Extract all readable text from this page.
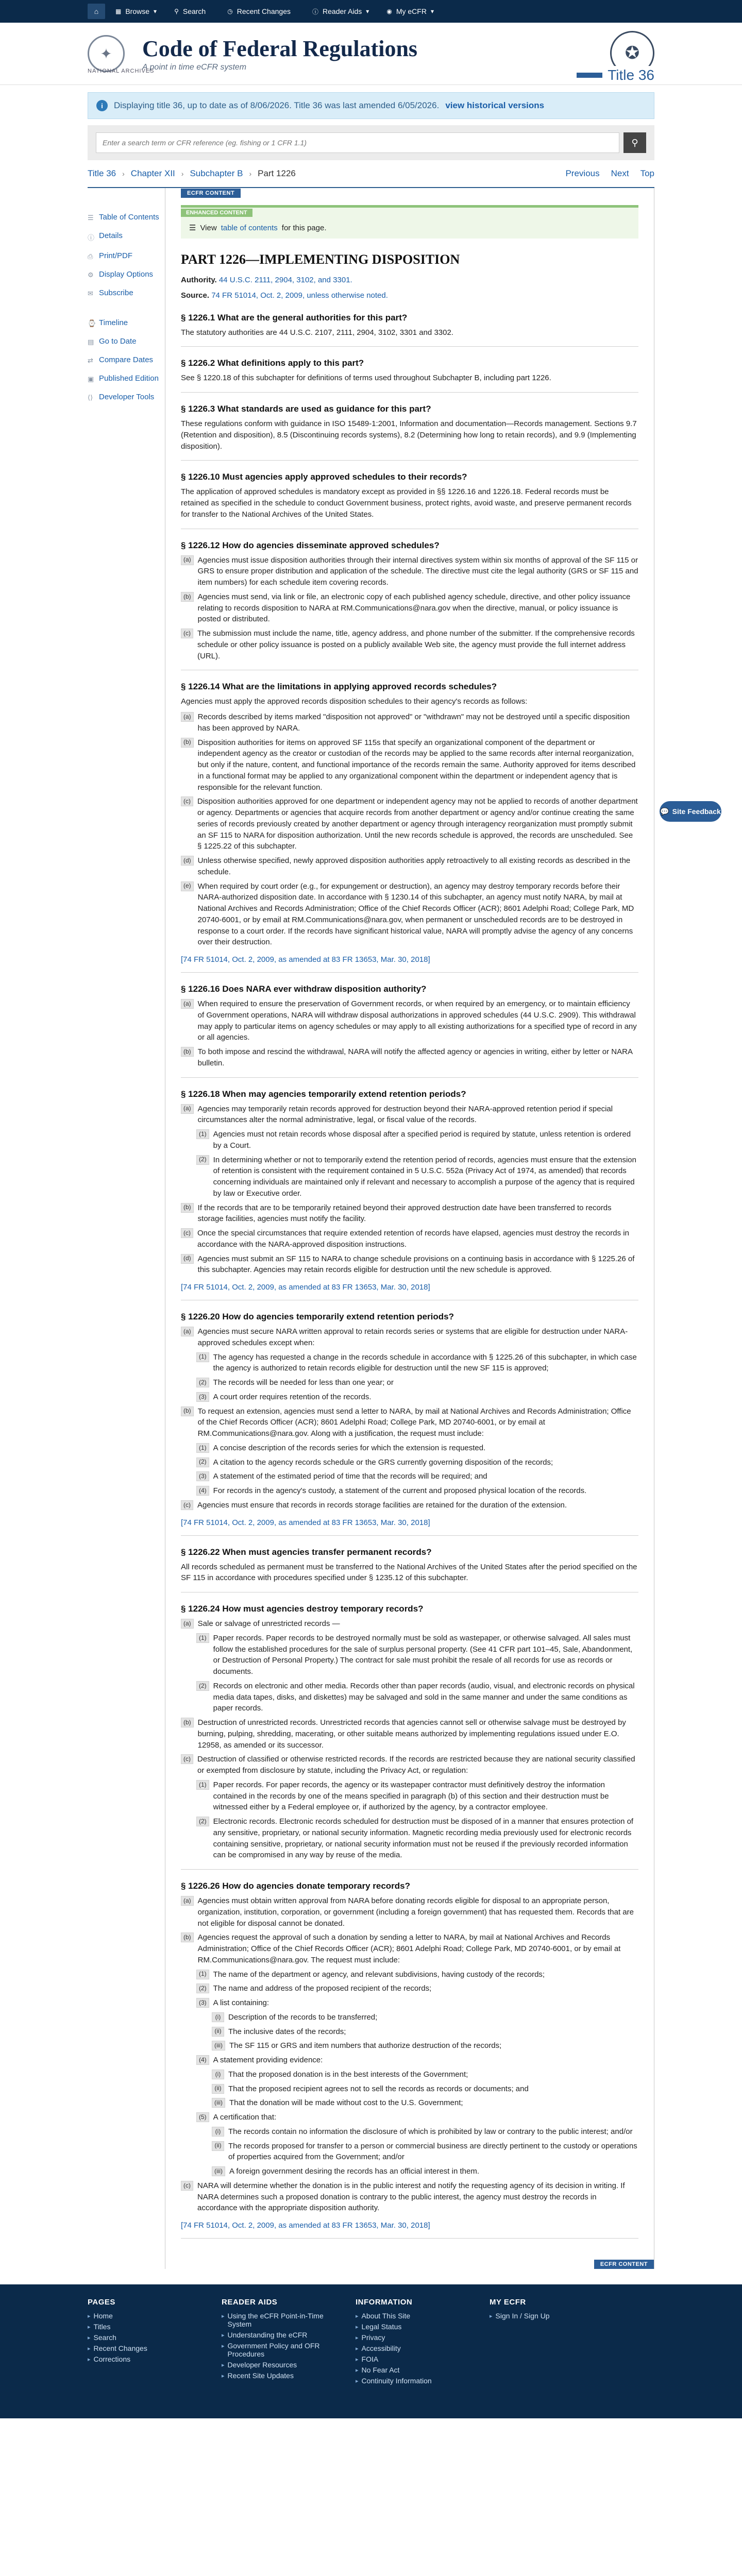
⌂	▦ Browse ▾	⚲ Search	◷ Recent Changes	ⓘ Reader Aids ▾	◉ My eCFR ▾
✦
NATIONAL ARCHIVES
Code of Federal Regulations
A point in time eCFR system
✪
Title 36
i	Displaying title 36, up to date as of 8/06/2026. Title 36 was last amended 6/05/2026. view historical versions
Enter a search term or CFR reference (eg. fishing or 1 CFR 1.1)
⚲
Title 36 › Chapter XII › Subchapter B › Part 1226	Previous Next Top
☰ Table of Contents
ⓘ Details
⎙ Print/PDF
⚙ Display Options
✉ Subscribe
⌚ Timeline
▤ Go to Date
⇄ Compare Dates
▣ Published Edition
⟨⟩ Developer Tools
ECFR CONTENT
ENHANCED CONTENT
☰ View table of contents for this page.
PART 1226—IMPLEMENTING DISPOSITION
Authority. 44 U.S.C. 2111, 2904, 3102, and 3301.
Source. 74 FR 51014, Oct. 2, 2009, unless otherwise noted.
§ 1226.1 What are the general authorities for this part?
The statutory authorities are 44 U.S.C. 2107, 2111, 2904, 3102, 3301 and 3302.
§ 1226.2 What definitions apply to this part?
See § 1220.18 of this subchapter for definitions of terms used throughout Subchapter B, including part 1226.
§ 1226.3 What standards are used as guidance for this part?
These regulations conform with guidance in ISO 15489-1:2001, Information and documentation—Records management. Sections 9.7 (Retention and disposition), 8.5 (Discontinuing records systems), 8.2 (Determining how long to retain records), and 9.9 (Implementing disposition).
§ 1226.10 Must agencies apply approved schedules to their records?
The application of approved schedules is mandatory except as provided in §§ 1226.16 and 1226.18. Federal records must be retained as specified in the schedule to conduct Government business, protect rights, avoid waste, and preserve permanent records for transfer to the National Archives of the United States.
§ 1226.12 How do agencies disseminate approved schedules?
(a) Agencies must issue disposition authorities through their internal directives system within six months of approval of the SF 115 or GRS to ensure proper distribution and application of the schedule. The directive must cite the legal authority (GRS or SF 115 and item numbers) for each schedule item covering records.
(b) Agencies must send, via link or file, an electronic copy of each published agency schedule, directive, and other policy issuance relating to records disposition to NARA at RM.Communications@nara.gov when the directive, manual, or policy issuance is posted or distributed.
(c) The submission must include the name, title, agency address, and phone number of the submitter. If the comprehensive records schedule or other policy issuance is posted on a publicly available Web site, the agency must provide the full internet address (URL).
§ 1226.14 What are the limitations in applying approved records schedules?
Agencies must apply the approved records disposition schedules to their agency's records as follows:
(a) Records described by items marked "disposition not approved" or "withdrawn" may not be destroyed until a specific disposition has been approved by NARA.
(b) Disposition authorities for items on approved SF 115s that specify an organizational component of the department or independent agency as the creator or custodian of the records may be applied to the same records after internal reorganization, but only if the nature, content, and functional importance of the records remain the same. Authority approved for items described in a functional format may be applied to any organizational component within the department or independent agency that is responsible for the relevant function.
(c) Disposition authorities approved for one department or independent agency may not be applied to records of another department or agency. Departments or agencies that acquire records from another department or agency and/or continue creating the same series of records previously created by another department or agency through interagency reorganization must promptly submit an SF 115 to NARA for disposition authorization. Until the new records schedule is approved, the records are unscheduled. See § 1225.22 of this subchapter.
(d) Unless otherwise specified, newly approved disposition authorities apply retroactively to all existing records as described in the schedule.
(e) When required by court order (e.g., for expungement or destruction), an agency may destroy temporary records before their NARA-authorized disposition date. In accordance with § 1230.14 of this subchapter, an agency must notify NARA, by mail at National Archives and Records Administration; Office of the Chief Records Officer (ACR); 8601 Adelphi Road; College Park, MD 20740-6001, or by email at RM.Communications@nara.gov, when permanent or unscheduled records are to be destroyed in response to a court order. If the records have significant historical value, NARA will promptly advise the agency of any concerns over their destruction.
[74 FR 51014, Oct. 2, 2009, as amended at 83 FR 13653, Mar. 30, 2018]
§ 1226.16 Does NARA ever withdraw disposition authority?
(a) When required to ensure the preservation of Government records, or when required by an emergency, or to maintain efficiency of Government operations, NARA will withdraw disposal authorizations in approved schedules (44 U.S.C. 2909). This withdrawal may apply to particular items on agency schedules or may apply to all existing authorizations for a specified type of record in any or all agencies.
(b) To both impose and rescind the withdrawal, NARA will notify the affected agency or agencies in writing, either by letter or NARA bulletin.
§ 1226.18 When may agencies temporarily extend retention periods?
(a) Agencies may temporarily retain records approved for destruction beyond their NARA-approved retention period if special circumstances alter the normal administrative, legal, or fiscal value of the records.
(1) Agencies must not retain records whose disposal after a specified period is required by statute, unless retention is ordered by a Court.
(2) In determining whether or not to temporarily extend the retention period of records, agencies must ensure that the extension of retention is consistent with the requirement contained in 5 U.S.C. 552a (Privacy Act of 1974, as amended) that records concerning individuals are maintained only if relevant and necessary to accomplish a purpose of the agency that is required by law or Executive order.
(b) If the records that are to be temporarily retained beyond their approved destruction date have been transferred to records storage facilities, agencies must notify the facility.
(c) Once the special circumstances that require extended retention of records have elapsed, agencies must destroy the records in accordance with the NARA-approved disposition instructions.
(d) Agencies must submit an SF 115 to NARA to change schedule provisions on a continuing basis in accordance with § 1225.26 of this subchapter. Agencies may retain records eligible for destruction until the new schedule is approved.
[74 FR 51014, Oct. 2, 2009, as amended at 83 FR 13653, Mar. 30, 2018]
§ 1226.20 How do agencies temporarily extend retention periods?
(a) Agencies must secure NARA written approval to retain records series or systems that are eligible for destruction under NARA-approved schedules except when:
(1) The agency has requested a change in the records schedule in accordance with § 1225.26 of this subchapter, in which case the agency is authorized to retain records eligible for destruction until the new SF 115 is approved;
(2) The records will be needed for less than one year; or
(3) A court order requires retention of the records.
(b) To request an extension, agencies must send a letter to NARA, by mail at National Archives and Records Administration; Office of the Chief Records Officer (ACR); 8601 Adelphi Road; College Park, MD 20740-6001, or by email at RM.Communications@nara.gov. Along with a justification, the request must include:
(1) A concise description of the records series for which the extension is requested.
(2) A citation to the agency records schedule or the GRS currently governing disposition of the records;
(3) A statement of the estimated period of time that the records will be required; and
(4) For records in the agency's custody, a statement of the current and proposed physical location of the records.
(c) Agencies must ensure that records in records storage facilities are retained for the duration of the extension.
[74 FR 51014, Oct. 2, 2009, as amended at 83 FR 13653, Mar. 30, 2018]
§ 1226.22 When must agencies transfer permanent records?
All records scheduled as permanent must be transferred to the National Archives of the United States after the period specified on the SF 115 in accordance with procedures specified under § 1235.12 of this subchapter.
§ 1226.24 How must agencies destroy temporary records?
(a) Sale or salvage of unrestricted records —
(1) Paper records. Paper records to be destroyed normally must be sold as wastepaper, or otherwise salvaged. All sales must follow the established procedures for the sale of surplus personal property. (See 41 CFR part 101–45, Sale, Abandonment, or Destruction of Personal Property.) The contract for sale must prohibit the resale of all records for use as records or documents.
(2) Records on electronic and other media. Records other than paper records (audio, visual, and electronic records on physical media data tapes, disks, and diskettes) may be salvaged and sold in the same manner and under the same conditions as paper records.
(b) Destruction of unrestricted records. Unrestricted records that agencies cannot sell or otherwise salvage must be destroyed by burning, pulping, shredding, macerating, or other suitable means authorized by implementing regulations issued under E.O. 12958, as amended or its successor.
(c) Destruction of classified or otherwise restricted records. If the records are restricted because they are national security classified or exempted from disclosure by statute, including the Privacy Act, or regulation:
(1) Paper records. For paper records, the agency or its wastepaper contractor must definitively destroy the information contained in the records by one of the means specified in paragraph (b) of this section and their destruction must be witnessed either by a Federal employee or, if authorized by the agency, by a contractor employee.
(2) Electronic records. Electronic records scheduled for destruction must be disposed of in a manner that ensures protection of any sensitive, proprietary, or national security information. Magnetic recording media previously used for electronic records containing sensitive, proprietary, or national security information must not be reused if the previously recorded information can be compromised in any way by reuse of the media.
§ 1226.26 How do agencies donate temporary records?
(a) Agencies must obtain written approval from NARA before donating records eligible for disposal to an appropriate person, organization, institution, corporation, or government (including a foreign government) that has requested them. Records that are not eligible for disposal cannot be donated.
(b) Agencies request the approval of such a donation by sending a letter to NARA, by mail at National Archives and Records Administration; Office of the Chief Records Officer (ACR); 8601 Adelphi Road; College Park, MD 20740-6001, or by email at RM.Communications@nara.gov. The request must include:
(1) The name of the department or agency, and relevant subdivisions, having custody of the records;
(2) The name and address of the proposed recipient of the records;
(3) A list containing:
(i) Description of the records to be transferred;
(ii) The inclusive dates of the records;
(iii) The SF 115 or GRS and item numbers that authorize destruction of the records;
(4) A statement providing evidence:
(i) That the proposed donation is in the best interests of the Government;
(ii) That the proposed recipient agrees not to sell the records as records or documents; and
(iii) That the donation will be made without cost to the U.S. Government;
(5) A certification that:
(i) The records contain no information the disclosure of which is prohibited by law or contrary to the public interest; and/or
(ii) The records proposed for transfer to a person or commercial business are directly pertinent to the custody or operations of properties acquired from the Government; and/or
(iii) A foreign government desiring the records has an official interest in them.
(c) NARA will determine whether the donation is in the public interest and notify the requesting agency of its decision in writing. If NARA determines such a proposed donation is contrary to the public interest, the agency must destroy the records in accordance with the appropriate disposition authority.
[74 FR 51014, Oct. 2, 2009, as amended at 83 FR 13653, Mar. 30, 2018]
ECFR CONTENT
💬 Site Feedback
PAGES
▸ Home
▸ Titles
▸ Search
▸ Recent Changes
▸ Corrections
READER AIDS
▸ Using the eCFR Point-in-Time System
▸ Understanding the eCFR
▸ Government Policy and OFR Procedures
▸ Developer Resources
▸ Recent Site Updates
INFORMATION
▸ About This Site
▸ Legal Status
▸ Privacy
▸ Accessibility
▸ FOIA
▸ No Fear Act
▸ Continuity Information
MY ECFR
▸ Sign In / Sign Up
